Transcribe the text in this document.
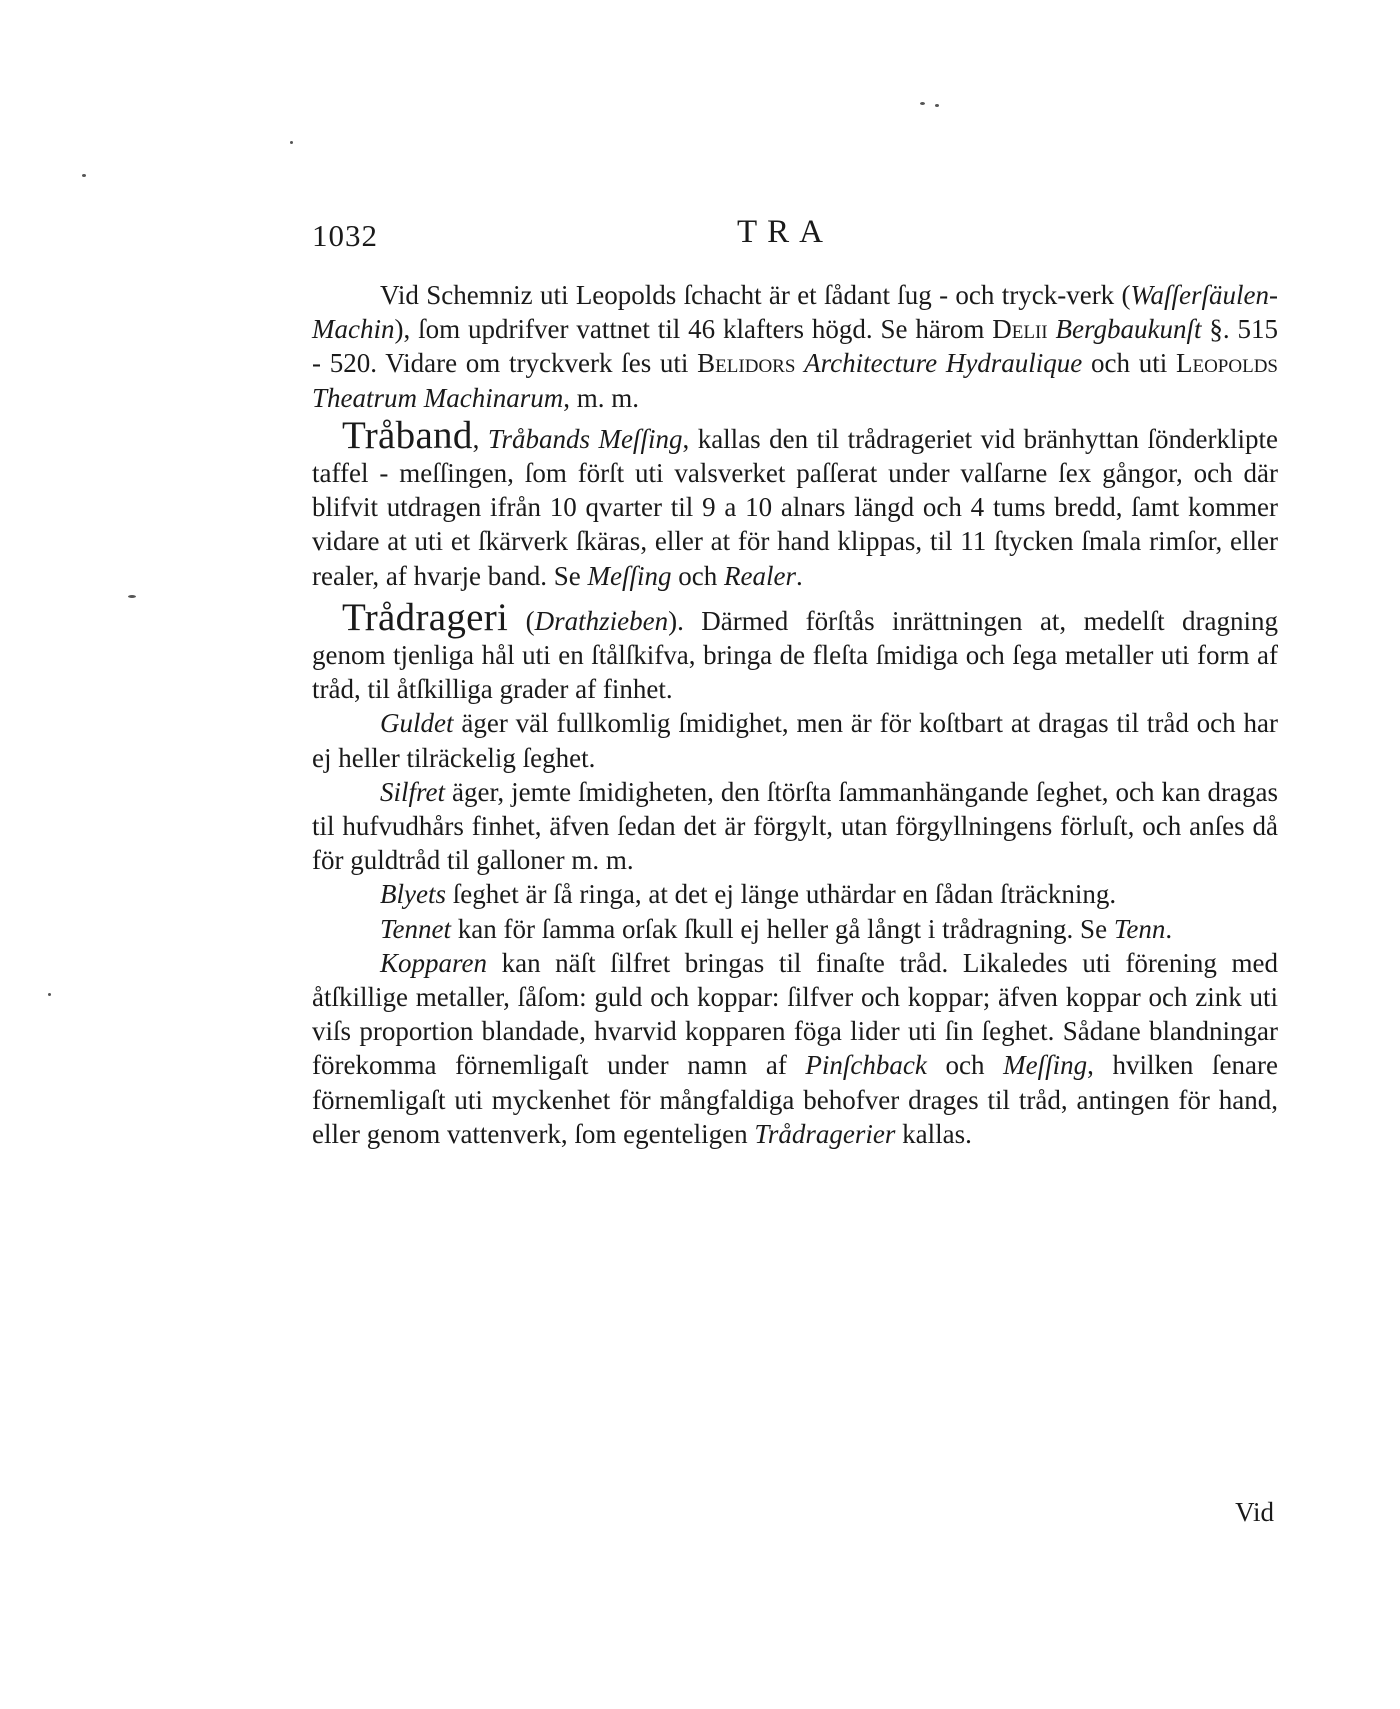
1032	TRA

Vid Schemniz uti Leopolds ſchacht är et ſådant ſug - och tryck-verk (Waſſerſäulen-Machin), ſom updrifver vattnet til 46 klafters högd. Se härom Delii Bergbaukunſt §. 515 - 520. Vidare om tryckverk ſes uti Belidors Architecture Hydraulique och uti Leopolds Theatrum Machinarum, m. m.

Tråband, Tråbands Meſſing, kallas den til trådrageriet vid bränhyttan ſönderklipte taffel - meſſingen, ſom förſt uti valsverket paſſerat under valſarne ſex gångor, och där blifvit utdragen ifrån 10 qvarter til 9 a 10 alnars längd och 4 tums bredd, ſamt kommer vidare at uti et ſkärverk ſkäras, eller at för hand klippas, til 11 ſtycken ſmala rimſor, eller realer, af hvarje band. Se Meſſing och Realer.

Trådrageri (Drathzieben). Därmed förſtås inrättningen at, medelſt dragning genom tjenliga hål uti en ſtålſkifva, bringa de fleſta ſmidiga och ſega metaller uti form af tråd, til åtſkilliga grader af finhet.

Guldet äger väl fullkomlig ſmidighet, men är för koſtbart at dragas til tråd och har ej heller tilräckelig ſeghet.

Silfret äger, jemte ſmidigheten, den ſtörſta ſammanhängande ſeghet, och kan dragas til hufvudhårs finhet, äfven ſedan det är förgylt, utan förgyllningens förluſt, och anſes då för guldtråd til galloner m. m.

Blyets ſeghet är ſå ringa, at det ej länge uthärdar en ſådan ſträckning.

Tennet kan för ſamma orſak ſkull ej heller gå långt i trådragning. Se Tenn.

Kopparen kan näſt ſilfret bringas til finaſte tråd. Likaledes uti förening med åtſkillige metaller, ſåſom: guld och koppar: ſilfver och koppar; äfven koppar och zink uti viſs proportion blandade, hvarvid kopparen föga lider uti ſin ſeghet. Sådane blandningar förekomma förnemligaſt under namn af Pinſchback och Meſſing, hvilken ſenare förnemligaſt uti myckenhet för mångfaldiga behofver drages til tråd, antingen för hand, eller genom vattenverk, ſom egenteligen Trådragerier kallas.

Vid
